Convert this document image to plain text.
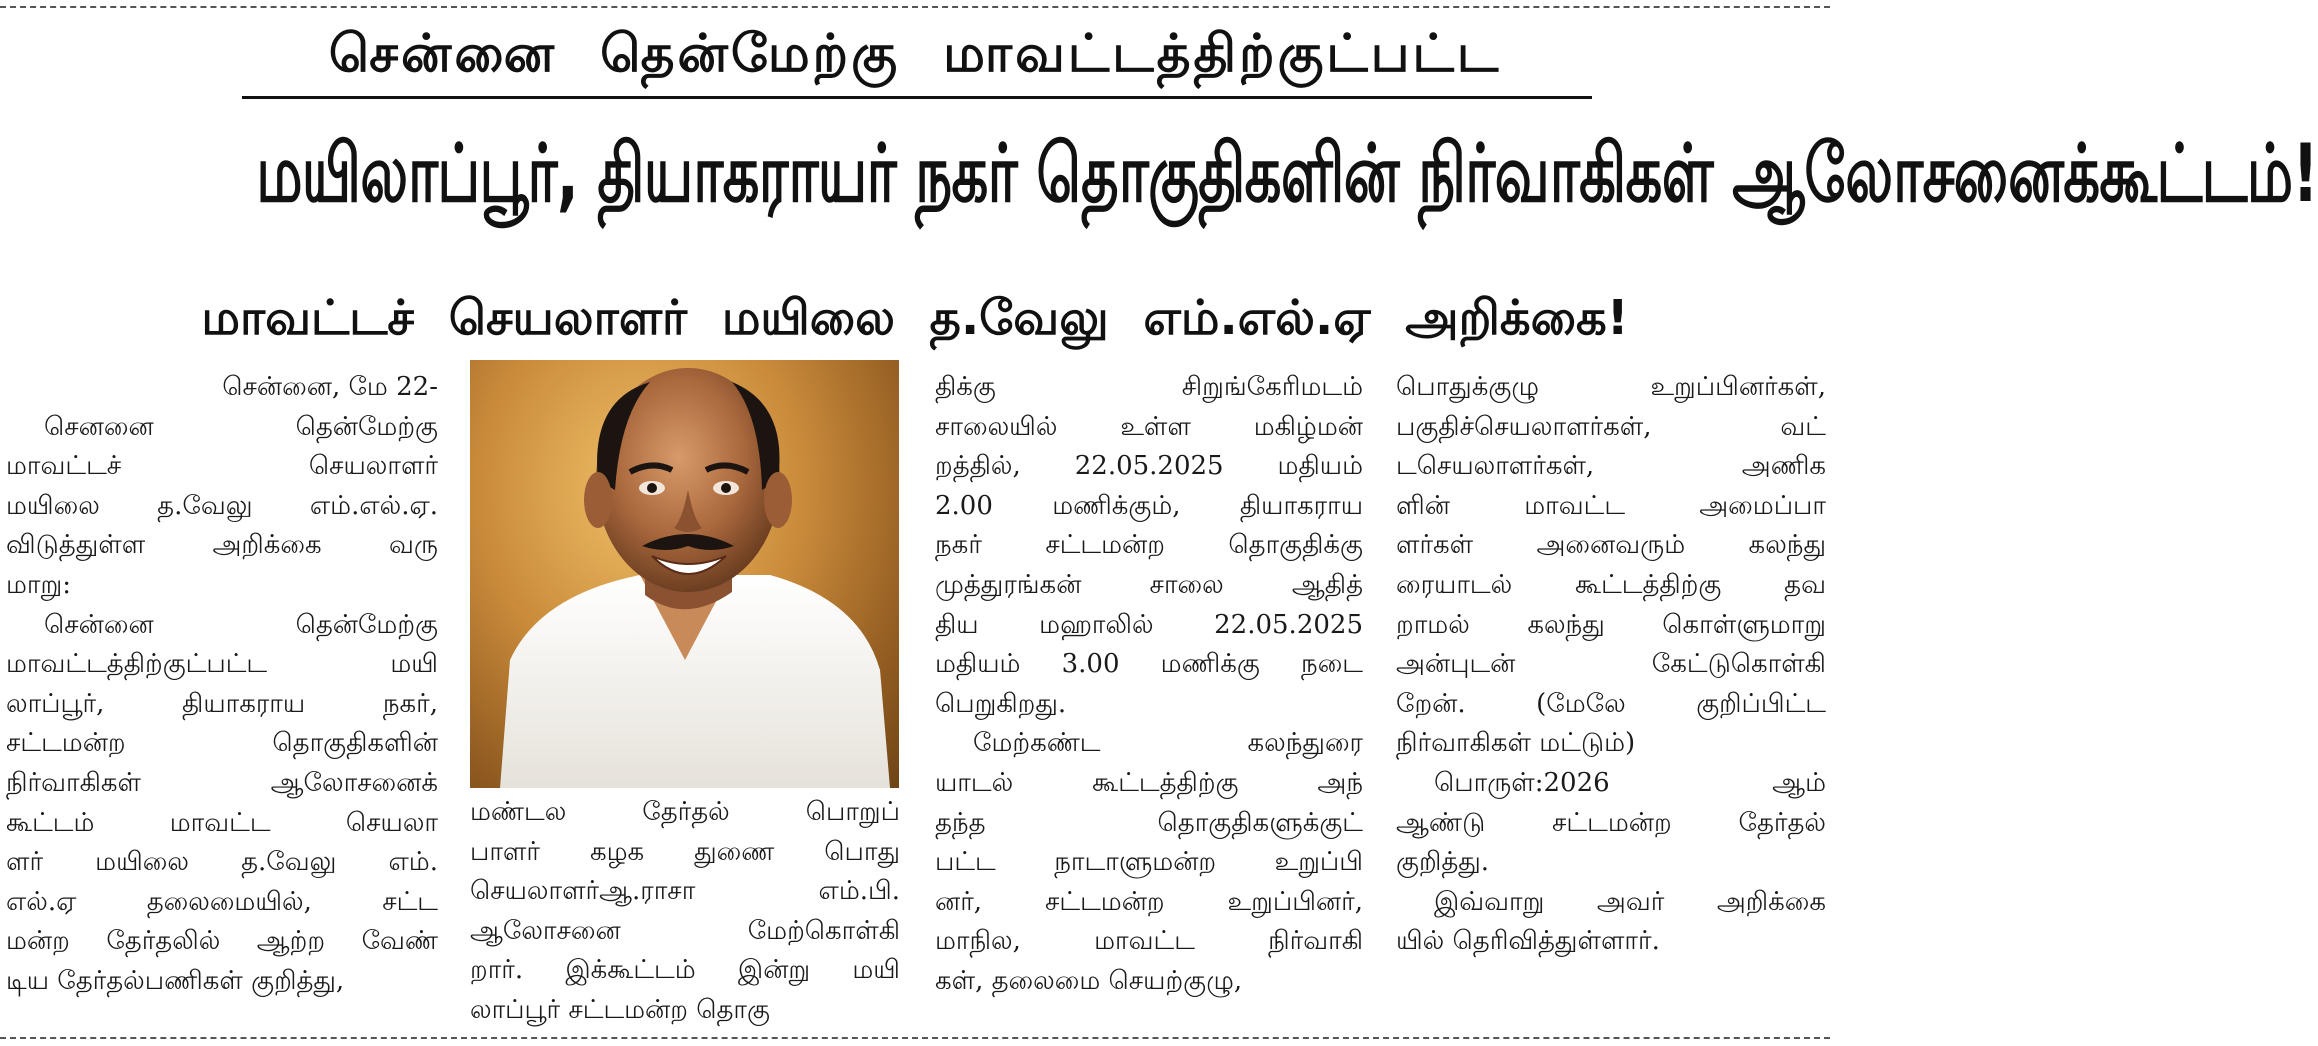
சென்னை தென்மேற்கு மாவட்டத்திற்குட்பட்ட
மயிலாப்பூர், தியாகராயர் நகர் தொகுதிகளின் நிர்வாகிகள் ஆலோசனைக்கூட்டம்!
மாவட்டச் செயலாளர் மயிலை த.வேலு எம்.எல்.ஏ அறிக்கை!
சென்னை, மே 22-
செனனை தென்மேற்கு
மாவட்டச் செயலாளர்
மயிலை த.வேலு எம்.எல்.ஏ.
விடுத்துள்ள அறிக்கை வரு
மாறு:
சென்னை தென்மேற்கு
மாவட்டத்திற்குட்பட்ட மயி
லாப்பூர், தியாகராய நகர்,
சட்டமன்ற தொகுதிகளின்
நிர்வாகிகள் ஆலோசனைக்
கூட்டம் மாவட்ட செயலா
ளர் மயிலை த.வேலு எம்.
எல்.ஏ தலைமையில், சட்ட
மன்ற தேர்தலில் ஆற்ற வேண்
டிய தேர்தல்பணிகள் குறித்து,
மண்டல தேர்தல் பொறுப்
பாளர் கழக துணை பொது
செயலாளர்ஆ.ராசா எம்.பி.
ஆலோசனை மேற்கொள்கி
றார். இக்கூட்டம் இன்று மயி
லாப்பூர் சட்டமன்ற தொகு
திக்கு சிறுங்கேரிமடம்
சாலையில் உள்ள மகிழ்மன்
றத்தில், 22.05.2025 மதியம்
2.00 மணிக்கும், தியாகராய
நகர் சட்டமன்ற தொகுதிக்கு
முத்துரங்கன் சாலை ஆதித்
திய மஹாலில் 22.05.2025
மதியம் 3.00 மணிக்கு நடை
பெறுகிறது.
மேற்கண்ட கலந்துரை
யாடல் கூட்டத்திற்கு அந்
தந்த தொகுதிகளுக்குட்
பட்ட நாடாளுமன்ற உறுப்பி
னர், சட்டமன்ற உறுப்பினர்,
மாநில, மாவட்ட நிர்வாகி
கள், தலைமை செயற்குழு,
பொதுக்குழு உறுப்பினர்கள்,
பகுதிச்செயலாளர்கள், வட்
டசெயலாளர்கள், அணிக
ளின் மாவட்ட அமைப்பா
ளர்கள் அனைவரும் கலந்து
ரையாடல் கூட்டத்திற்கு தவ
றாமல் கலந்து கொள்ளுமாறு
அன்புடன் கேட்டுகொள்கி
றேன். (மேலே குறிப்பிட்ட
நிர்வாகிகள் மட்டும்)
பொருள்:2026 ஆம்
ஆண்டு சட்டமன்ற தேர்தல்
குறித்து.
இவ்வாறு அவர் அறிக்கை
யில் தெரிவித்துள்ளார்.
